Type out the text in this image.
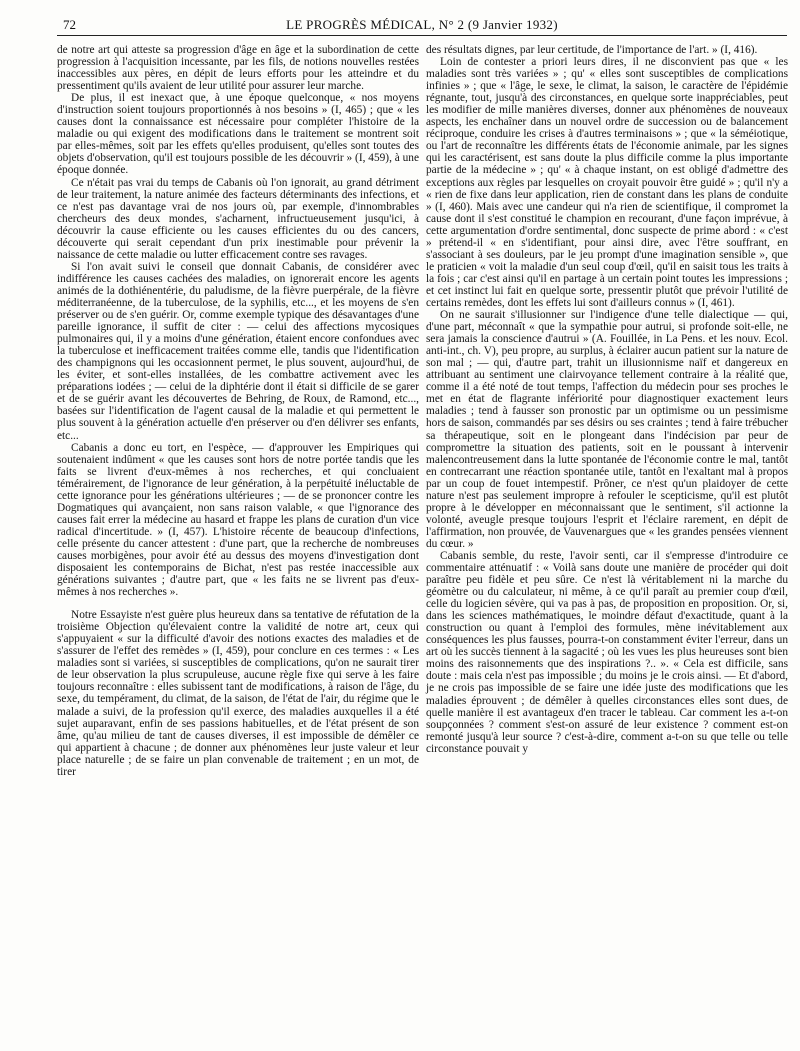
72	LE PROGRÈS MÉDICAL, N° 2 (9 Janvier 1932)

de notre art qui atteste sa progression d'âge en âge et la subordination de cette progression à l'acquisition incessante, par les fils, de notions nouvelles restées inaccessibles aux pères, en dépit de leurs efforts pour les atteindre et du pressentiment qu'ils avaient de leur utilité pour assurer leur marche.

De plus, il est inexact que, à une époque quelconque, « nos moyens d'instruction soient toujours proportionnés à nos besoins » (I, 465) ; que « les causes dont la connaissance est nécessaire pour compléter l'histoire de la maladie ou qui exigent des modifications dans le traitement se montrent soit par elles-mêmes, soit par les effets qu'elles produisent, qu'elles sont toutes des objets d'observation, qu'il est toujours possible de les découvrir » (I, 459), à une époque donnée.

Ce n'était pas vrai du temps de Cabanis où l'on ignorait, au grand détriment de leur traitement, la nature animée des facteurs déterminants des infections, et ce n'est pas davantage vrai de nos jours où, par exemple, d'innombrables chercheurs des deux mondes, s'acharnent, infructueusement jusqu'ici, à découvrir la cause efficiente ou les causes efficientes du ou des cancers, découverte qui serait cependant d'un prix inestimable pour prévenir la naissance de cette maladie ou lutter efficacement contre ses ravages.

Si l'on avait suivi le conseil que donnait Cabanis, de considérer avec indifférence les causes cachées des maladies, on ignorerait encore les agents animés de la dothiénentérie, du paludisme, de la fièvre puerpérale, de la fièvre méditerranéenne, de la tuberculose, de la syphilis, etc..., et les moyens de s'en préserver ou de s'en guérir. Or, comme exemple typique des désavantages d'une pareille ignorance, il suffit de citer : — celui des affections mycosiques pulmonaires qui, il y a moins d'une génération, étaient encore confondues avec la tuberculose et inefficacement traitées comme elle, tandis que l'identification des champignons qui les occasionnent permet, le plus souvent, aujourd'hui, de les éviter, et sont-elles installées, de les combattre activement avec les préparations iodées ; — celui de la diphtérie dont il était si difficile de se garer et de se guérir avant les découvertes de Behring, de Roux, de Ramond, etc..., basées sur l'identification de l'agent causal de la maladie et qui permettent le plus souvent à la génération actuelle d'en préserver ou d'en délivrer ses enfants, etc...

Cabanis a donc eu tort, en l'espèce, — d'approuver les Empiriques qui soutenaient indûment « que les causes sont hors de notre portée tandis que les faits se livrent d'eux-mêmes à nos recherches, et qui concluaient témérairement, de l'ignorance de leur génération, à la perpétuité inéluctable de cette ignorance pour les générations ultérieures ; — de se prononcer contre les Dogmatiques qui avançaient, non sans raison valable, « que l'ignorance des causes fait errer la médecine au hasard et frappe les plans de curation d'un vice radical d'incertitude. » (I, 457). L'histoire récente de beaucoup d'infections, celle présente du cancer attestent : d'une part, que la recherche de nombreuses causes morbigènes, pour avoir été au dessus des moyens d'investigation dont disposaient les contemporains de Bichat, n'est pas restée inaccessible aux générations suivantes ; d'autre part, que « les faits ne se livrent pas d'eux-mêmes à nos recherches ».

Notre Essayiste n'est guère plus heureux dans sa tentative de réfutation de la troisième Objection qu'élevaient contre la validité de notre art, ceux qui s'appuyaient « sur la difficulté d'avoir des notions exactes des maladies et de s'assurer de l'effet des remèdes » (I, 459), pour conclure en ces termes : « Les maladies sont si variées, si susceptibles de complications, qu'on ne saurait tirer de leur observation la plus scrupuleuse, aucune règle fixe qui serve à les faire toujours reconnaître : elles subissent tant de modifications, à raison de l'âge, du sexe, du tempérament, du climat, de la saison, de l'état de l'air, du régime que le malade a suivi, de la profession qu'il exerce, des maladies auxquelles il a été sujet auparavant, enfin de ses passions habituelles, et de l'état présent de son âme, qu'au milieu de tant de causes diverses, il est impossible de démêler ce qui appartient à chacune ; de donner aux phénomènes leur juste valeur et leur place naturelle ; de se faire un plan convenable de traitement ; en un mot, de tirer

des résultats dignes, par leur certitude, de l'importance de l'art. » (I, 416).

Loin de contester a priori leurs dires, il ne disconvient pas que « les maladies sont très variées » ; qu' « elles sont susceptibles de complications infinies » ; que « l'âge, le sexe, le climat, la saison, le caractère de l'épidémie régnante, tout, jusqu'à des circonstances, en quelque sorte inappréciables, peut les modifier de mille manières diverses, donner aux phénomènes de nouveaux aspects, les enchaîner dans un nouvel ordre de succession ou de balancement réciproque, conduire les crises à d'autres terminaisons » ; que « la séméiotique, ou l'art de reconnaître les différents états de l'économie animale, par les signes qui les caractérisent, est sans doute la plus difficile comme la plus importante partie de la médecine » ; qu' « à chaque instant, on est obligé d'admettre des exceptions aux règles par lesquelles on croyait pouvoir être guidé » ; qu'il n'y a « rien de fixe dans leur application, rien de constant dans les plans de conduite » (I, 460). Mais avec une candeur qui n'a rien de scientifique, il compromet la cause dont il s'est constitué le champion en recourant, d'une façon imprévue, à cette argumentation d'ordre sentimental, donc suspecte de prime abord : « c'est » prétend-il « en s'identifiant, pour ainsi dire, avec l'être souffrant, en s'associant à ses douleurs, par le jeu prompt d'une imagination sensible », que le praticien « voit la maladie d'un seul coup d'œil, qu'il en saisit tous les traits à la fois ; car c'est ainsi qu'il en partage à un certain point toutes les impressions ; et cet instinct lui fait en quelque sorte, pressentir plutôt que prévoir l'utilité de certains remèdes, dont les effets lui sont d'ailleurs connus » (I, 461).

On ne saurait s'illusionner sur l'indigence d'une telle dialectique — qui, d'une part, méconnaît « que la sympathie pour autrui, si profonde soit-elle, ne sera jamais la conscience d'autrui » (A. Fouillée, in La Pens. et les nouv. Ecol. anti-int., ch. V), peu propre, au surplus, à éclairer aucun patient sur la nature de son mal ; — qui, d'autre part, trahit un illusionnisme naïf et dangereux en attribuant au sentiment une clairvoyance tellement contraire à la réalité que, comme il a été noté de tout temps, l'affection du médecin pour ses proches le met en état de flagrante infériorité pour diagnostiquer exactement leurs maladies ; tend à fausser son pronostic par un optimisme ou un pessimisme hors de saison, commandés par ses désirs ou ses craintes ; tend à faire trébucher sa thérapeutique, soit en le plongeant dans l'indécision par peur de compromettre la situation des patients, soit en le poussant à intervenir malencontreusement dans la lutte spontanée de l'économie contre le mal, tantôt en contrecarrant une réaction spontanée utile, tantôt en l'exaltant mal à propos par un coup de fouet intempestif. Prôner, ce n'est qu'un plaidoyer de cette nature n'est pas seulement impropre à refouler le scepticisme, qu'il est plutôt propre à le développer en méconnaissant que le sentiment, s'il actionne la volonté, aveugle presque toujours l'esprit et l'éclaire rarement, en dépit de l'affirmation, non prouvée, de Vauvenargues que « les grandes pensées viennent du cœur. »

Cabanis semble, du reste, l'avoir senti, car il s'empresse d'introduire ce commentaire atténuatif : « Voilà sans doute une manière de procéder qui doit paraître peu fidèle et peu sûre. Ce n'est là véritablement ni la marche du géomètre ou du calculateur, ni même, à ce qu'il paraît au premier coup d'œil, celle du logicien sévère, qui va pas à pas, de proposition en proposition. Or, si, dans les sciences mathématiques, le moindre défaut d'exactitude, quant à la construction ou quant à l'emploi des formules, mène inévitablement aux conséquences les plus fausses, pourra-t-on constamment éviter l'erreur, dans un art où les succès tiennent à la sagacité ; où les vues les plus heureuses sont bien moins des raisonnements que des inspirations ?.. ». « Cela est difficile, sans doute : mais cela n'est pas impossible ; du moins je le crois ainsi. — Et d'abord, je ne crois pas impossible de se faire une idée juste des modifications que les maladies éprouvent ; de démêler à quelles circonstances elles sont dues, de quelle manière il est avantageux d'en tracer le tableau. Car comment les a-t-on soupçonnées ? comment s'est-on assuré de leur existence ? comment est-on remonté jusqu'à leur source ? c'est-à-dire, comment a-t-on su que telle ou telle circonstance pouvait y
